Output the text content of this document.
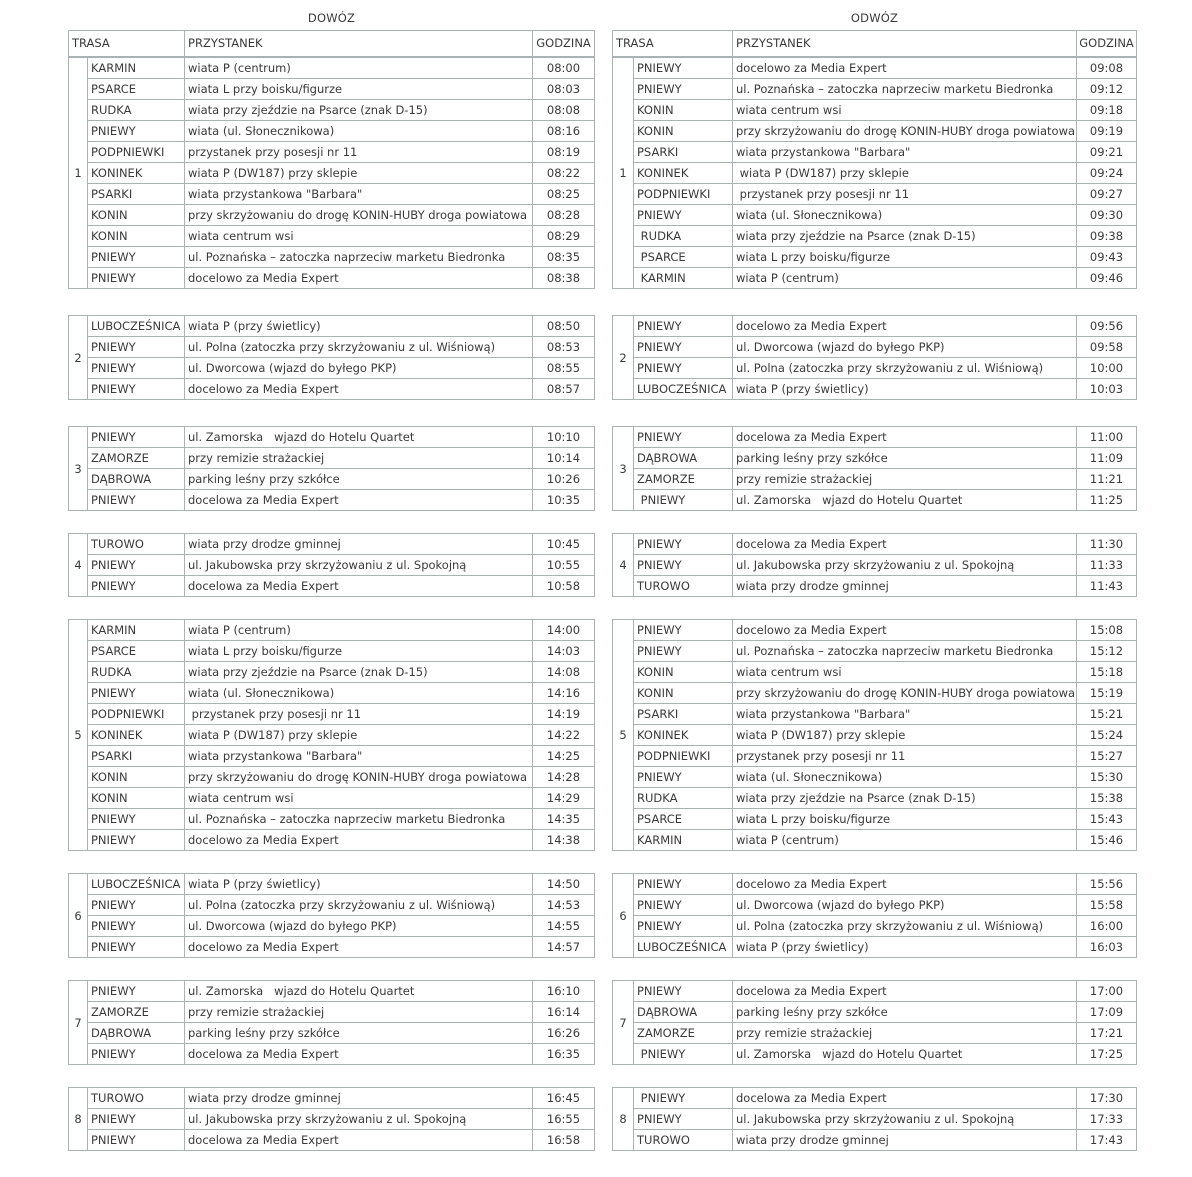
DOWÓZ
TRASA	PRZYSTANEK	GODZINA
1	KARMIN	wiata P (centrum)	08:00
	PSARCE	wiata L przy boisku/figurze	08:03
	RUDKA	wiata przy zjeździe na Psarce (znak D-15)	08:08
	PNIEWY	wiata (ul. Słonecznikowa)	08:16
	PODPNIEWKI	przystanek przy posesji nr 11	08:19
	KONINEK	wiata P (DW187) przy sklepie	08:22
	PSARKI	wiata przystankowa "Barbara"	08:25
	KONIN	przy skrzyżowaniu do drogę KONIN-HUBY droga powiatowa	08:28
	KONIN	wiata centrum wsi	08:29
	PNIEWY	ul. Poznańska – zatoczka naprzeciw marketu Biedronka	08:35
	PNIEWY	docelowo za Media Expert	08:38
2	LUBOCZEŚNICA	wiata P (przy świetlicy)	08:50
	PNIEWY	ul. Polna (zatoczka przy skrzyżowaniu z ul. Wiśniową)	08:53
	PNIEWY	ul. Dworcowa (wjazd do byłego PKP)	08:55
	PNIEWY	docelowo za Media Expert	08:57
3	PNIEWY	ul. Zamorska   wjazd do Hotelu Quartet	10:10
	ZAMORZE	przy remizie strażackiej	10:14
	DĄBROWA	parking leśny przy szkółce	10:26
	PNIEWY	docelowa za Media Expert	10:35
4	TUROWO	wiata przy drodze gminnej	10:45
	PNIEWY	ul. Jakubowska przy skrzyżowaniu z ul. Spokojną	10:55
	PNIEWY	docelowa za Media Expert	10:58
5	KARMIN	wiata P (centrum)	14:00
	PSARCE	wiata L przy boisku/figurze	14:03
	RUDKA	wiata przy zjeździe na Psarce (znak D-15)	14:08
	PNIEWY	wiata (ul. Słonecznikowa)	14:16
	PODPNIEWKI	przystanek przy posesji nr 11	14:19
	KONINEK	wiata P (DW187) przy sklepie	14:22
	PSARKI	wiata przystankowa "Barbara"	14:25
	KONIN	przy skrzyżowaniu do drogę KONIN-HUBY droga powiatowa	14:28
	KONIN	wiata centrum wsi	14:29
	PNIEWY	ul. Poznańska – zatoczka naprzeciw marketu Biedronka	14:35
	PNIEWY	docelowo za Media Expert	14:38
6	LUBOCZEŚNICA	wiata P (przy świetlicy)	14:50
	PNIEWY	ul. Polna (zatoczka przy skrzyżowaniu z ul. Wiśniową)	14:53
	PNIEWY	ul. Dworcowa (wjazd do byłego PKP)	14:55
	PNIEWY	docelowo za Media Expert	14:57
7	PNIEWY	ul. Zamorska   wjazd do Hotelu Quartet	16:10
	ZAMORZE	przy remizie strażackiej	16:14
	DĄBROWA	parking leśny przy szkółce	16:26
	PNIEWY	docelowa za Media Expert	16:35
8	TUROWO	wiata przy drodze gminnej	16:45
	PNIEWY	ul. Jakubowska przy skrzyżowaniu z ul. Spokojną	16:55
	PNIEWY	docelowa za Media Expert	16:58
ODWÓZ
TRASA	PRZYSTANEK	GODZINA
1	PNIEWY	docelowo za Media Expert	09:08
	PNIEWY	ul. Poznańska – zatoczka naprzeciw marketu Biedronka	09:12
	KONIN	wiata centrum wsi	09:18
	KONIN	przy skrzyżowaniu do drogę KONIN-HUBY droga powiatowa	09:19
	PSARKI	wiata przystankowa "Barbara"	09:21
	KONINEK	wiata P (DW187) przy sklepie	09:24
	PODPNIEWKI	przystanek przy posesji nr 11	09:27
	PNIEWY	wiata (ul. Słonecznikowa)	09:30
	RUDKA	wiata przy zjeździe na Psarce (znak D-15)	09:38
	PSARCE	wiata L przy boisku/figurze	09:43
	KARMIN	wiata P (centrum)	09:46
2	PNIEWY	docelowo za Media Expert	09:56
	PNIEWY	ul. Dworcowa (wjazd do byłego PKP)	09:58
	PNIEWY	ul. Polna (zatoczka przy skrzyżowaniu z ul. Wiśniową)	10:00
	LUBOCZEŚNICA	wiata P (przy świetlicy)	10:03
3	PNIEWY	docelowa za Media Expert	11:00
	DĄBROWA	parking leśny przy szkółce	11:09
	ZAMORZE	przy remizie strażackiej	11:21
	PNIEWY	ul. Zamorska   wjazd do Hotelu Quartet	11:25
4	PNIEWY	docelowa za Media Expert	11:30
	PNIEWY	ul. Jakubowska przy skrzyżowaniu z ul. Spokojną	11:33
	TUROWO	wiata przy drodze gminnej	11:43
5	PNIEWY	docelowo za Media Expert	15:08
	PNIEWY	ul. Poznańska – zatoczka naprzeciw marketu Biedronka	15:12
	KONIN	wiata centrum wsi	15:18
	KONIN	przy skrzyżowaniu do drogę KONIN-HUBY droga powiatowa	15:19
	PSARKI	wiata przystankowa "Barbara"	15:21
	KONINEK	wiata P (DW187) przy sklepie	15:24
	PODPNIEWKI	przystanek przy posesji nr 11	15:27
	PNIEWY	wiata (ul. Słonecznikowa)	15:30
	RUDKA	wiata przy zjeździe na Psarce (znak D-15)	15:38
	PSARCE	wiata L przy boisku/figurze	15:43
	KARMIN	wiata P (centrum)	15:46
6	PNIEWY	docelowo za Media Expert	15:56
	PNIEWY	ul. Dworcowa (wjazd do byłego PKP)	15:58
	PNIEWY	ul. Polna (zatoczka przy skrzyżowaniu z ul. Wiśniową)	16:00
	LUBOCZEŚNICA	wiata P (przy świetlicy)	16:03
7	PNIEWY	docelowa za Media Expert	17:00
	DĄBROWA	parking leśny przy szkółce	17:09
	ZAMORZE	przy remizie strażackiej	17:21
	PNIEWY	ul. Zamorska   wjazd do Hotelu Quartet	17:25
8	PNIEWY	docelowa za Media Expert	17:30
	PNIEWY	ul. Jakubowska przy skrzyżowaniu z ul. Spokojną	17:33
	TUROWO	wiata przy drodze gminnej	17:43
